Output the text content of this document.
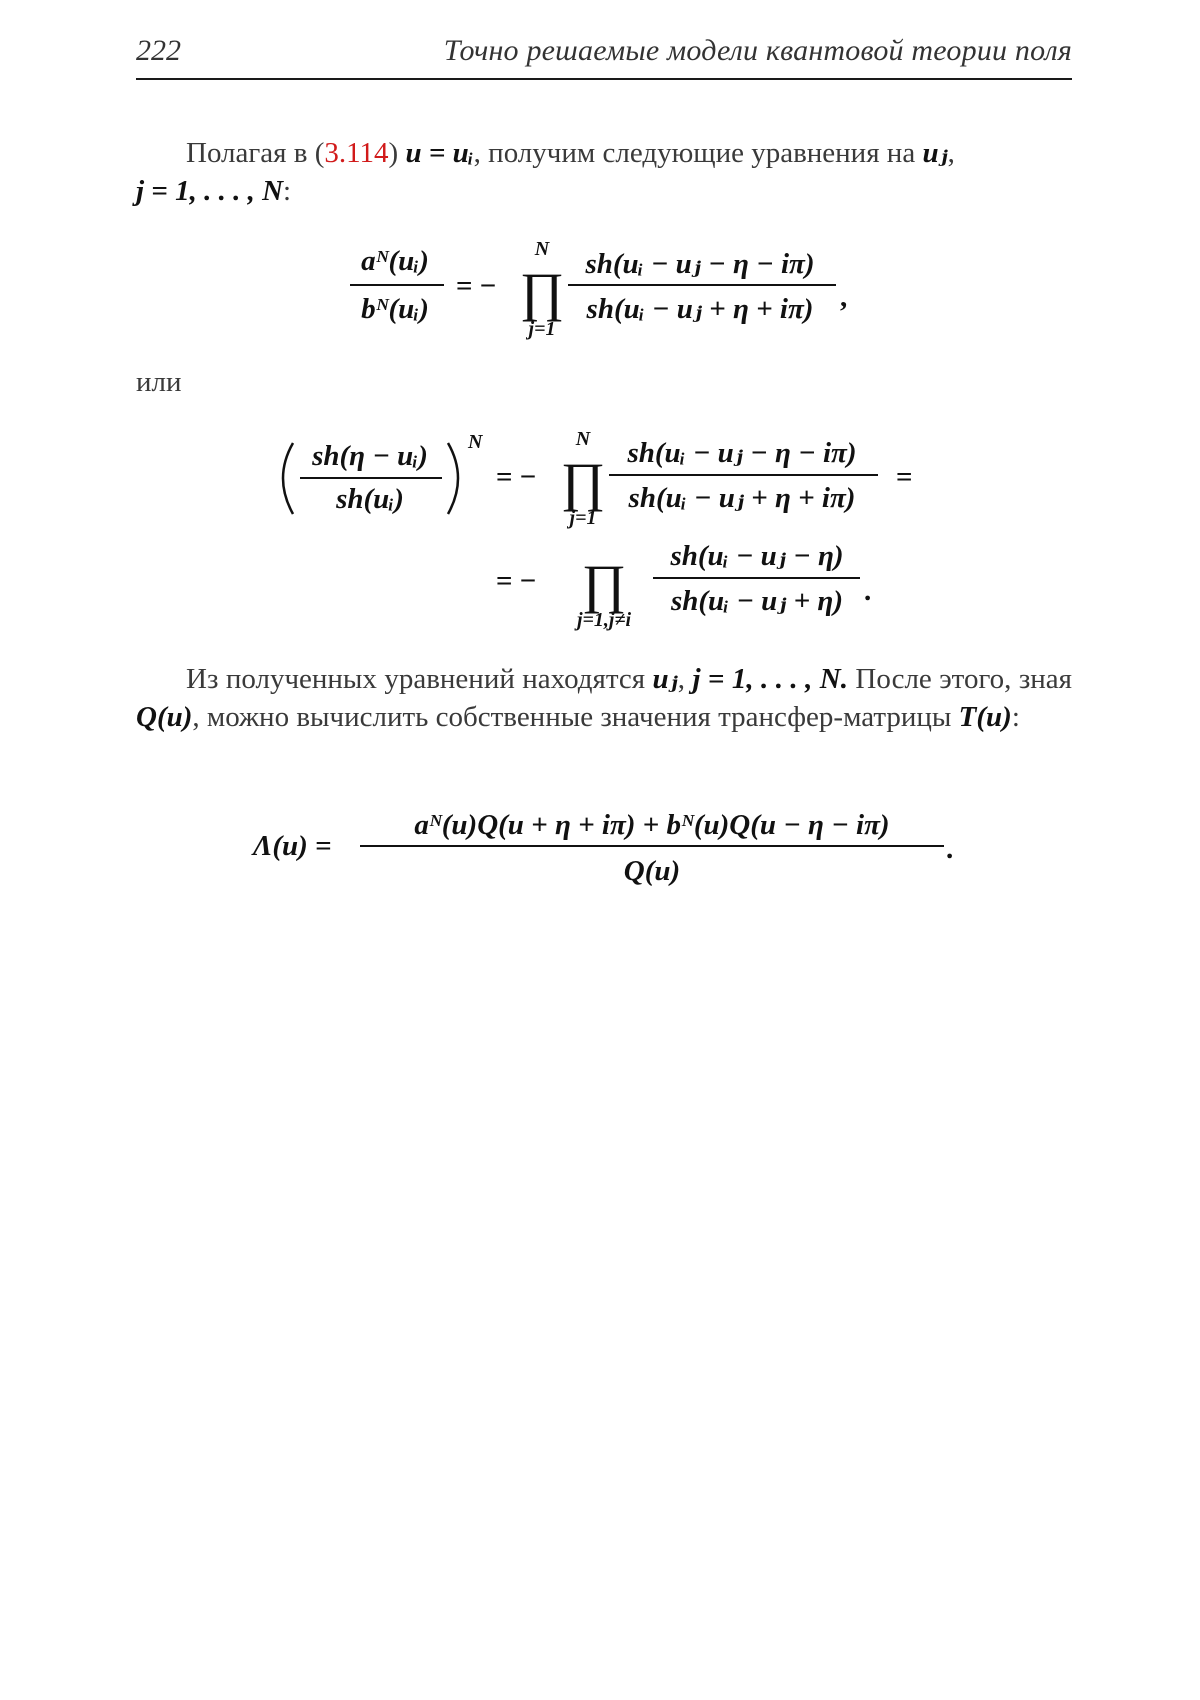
222	Точно решаемые модели квантовой теории поля
Полагая в (3.114) u = uᵢ, получим следующие уравнения на uⱼ,
j = 1, . . . , N:
aᴺ(uᵢ)
bᴺ(uᵢ)
= −
N
∏
j=1
sh(uᵢ − uⱼ − η − iπ)
sh(uᵢ − uⱼ + η + iπ) ,
или
sh(η − uᵢ)
sh(uᵢ)
N
= −
N
∏
j=1
sh(uᵢ − uⱼ − η − iπ)
sh(uᵢ − uⱼ + η + iπ)
=
= − ∏
j=1,j≠i
sh(uᵢ − uⱼ − η)
sh(uᵢ − uⱼ + η) .
Из полученных уравнений находятся uⱼ, j = 1, . . . , N. После этого, зная Q(u), можно вычислить собственные значения трансфер-матрицы T(u):
Λ(u) =
aᴺ(u)Q(u + η + iπ) + bᴺ(u)Q(u − η − iπ)
Q(u)
.
